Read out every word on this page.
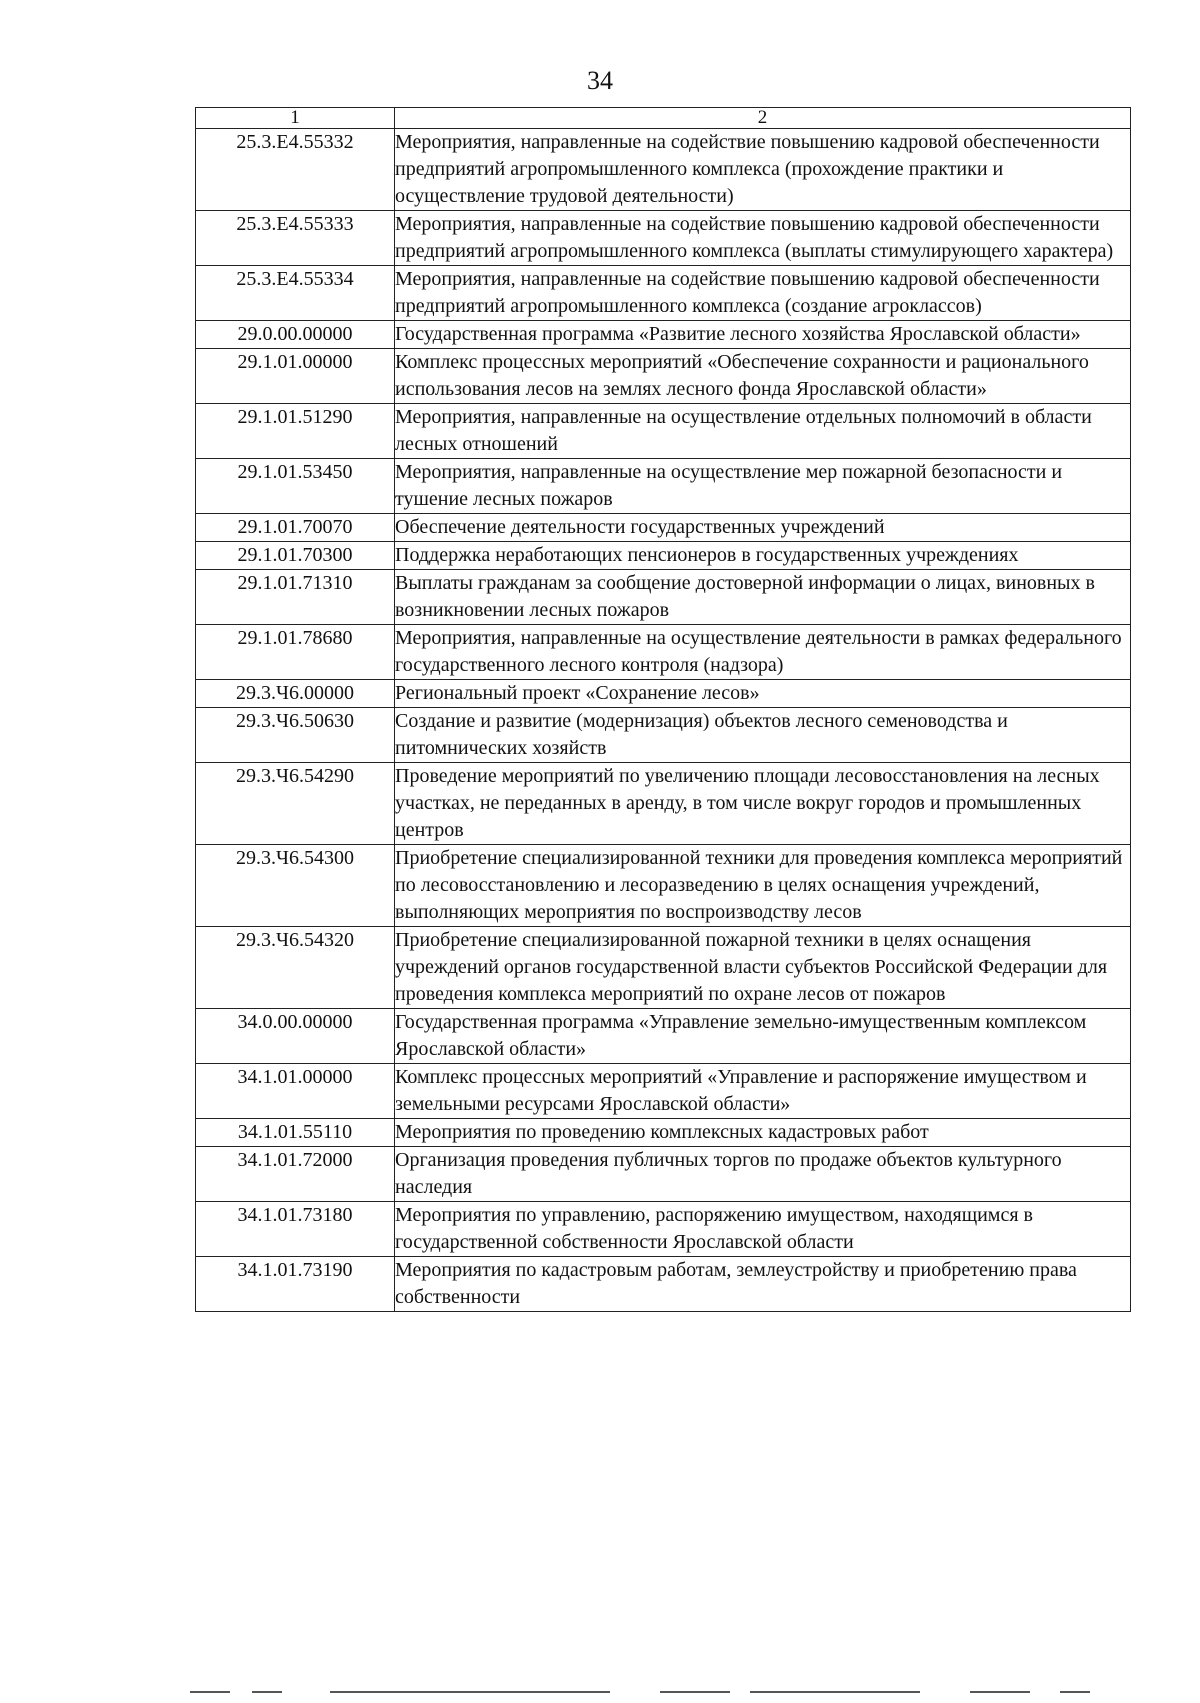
34
1	2
25.3.E4.55332	Мероприятия, направленные на содействие повышению кадровой обеспеченности предприятий агропромышленного комплекса (прохождение практики и осуществление трудовой деятельности)
25.3.E4.55333	Мероприятия, направленные на содействие повышению кадровой обеспеченности предприятий агропромышленного комплекса (выплаты стимулирующего характера)
25.3.E4.55334	Мероприятия, направленные на содействие повышению кадровой обеспеченности предприятий агропромышленного комплекса (создание агроклассов)
29.0.00.00000	Государственная программа «Развитие лесного хозяйства Ярославской области»
29.1.01.00000	Комплекс процессных мероприятий «Обеспечение сохранности и рационального использования лесов на землях лесного фонда Ярославской области»
29.1.01.51290	Мероприятия, направленные на осуществление отдельных полномочий в области лесных отношений
29.1.01.53450	Мероприятия, направленные на осуществление мер пожарной безопасности и тушение лесных пожаров
29.1.01.70070	Обеспечение деятельности государственных учреждений
29.1.01.70300	Поддержка неработающих пенсионеров в государственных учреждениях
29.1.01.71310	Выплаты гражданам за сообщение достоверной информации о лицах, виновных в возникновении лесных пожаров
29.1.01.78680	Мероприятия, направленные на осуществление деятельности в рамках федерального государственного лесного контроля (надзора)
29.3.Ч6.00000	Региональный проект «Сохранение лесов»
29.3.Ч6.50630	Создание и развитие (модернизация) объектов лесного семеноводства и питомнических хозяйств
29.3.Ч6.54290	Проведение мероприятий по увеличению площади лесовосстановления на лесных участках, не переданных в аренду, в том числе вокруг городов и промышленных центров
29.3.Ч6.54300	Приобретение специализированной техники для проведения комплекса мероприятий по лесовосстановлению и лесоразведению в целях оснащения учреждений, выполняющих мероприятия по воспроизводству лесов
29.3.Ч6.54320	Приобретение специализированной пожарной техники в целях оснащения учреждений органов государственной власти субъектов Российской Федерации для проведения комплекса мероприятий по охране лесов от пожаров
34.0.00.00000	Государственная программа «Управление земельно-имущественным комплексом Ярославской области»
34.1.01.00000	Комплекс процессных мероприятий «Управление и распоряжение имуществом и земельными ресурсами Ярославской области»
34.1.01.55110	Мероприятия по проведению комплексных кадастровых работ
34.1.01.72000	Организация проведения публичных торгов по продаже объектов культурного наследия
34.1.01.73180	Мероприятия по управлению, распоряжению имуществом, находящимся в государственной собственности Ярославской области
34.1.01.73190	Мероприятия по кадастровым работам, землеустройству и приобретению права собственности
